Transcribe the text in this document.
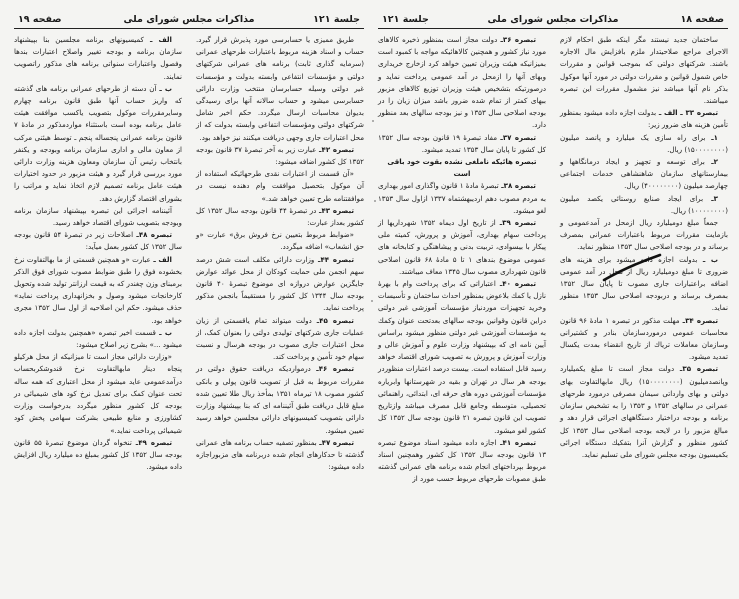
جلسة ۱۲۱
مذاکرات مجلس شورای ملی
صفحه ۱۹

طریق ممیزی یا حسابرسی مورد پذیرش قرار گیرد. حساب و اسناد هزینه مربوط باعتبارات طرحهای عمرانی (سرمایه گذاری ثابت) برنامه های عمرانی شرکتهای دولتی و مؤسسات انتفاعی وابسته بدولت و مؤسسات غیر دولتی وسیله حسابرسان منتخب وزارت دارائی حسابرسی میشود و حساب سالانه آنها برای رسیدگی بدیوان محاسبات ارسال میگردد. حکم اخیر شامل شرکتهای دولتی ومؤسسات انتفاعی وابسته بدولت که از محل اعتبارات جاری وجهی دریافت میکنند نیز خواهد بود.

تبصره ۴۲ـ عبارت زیر به آخر تبصرهٔ ۳۷ قانون بودجه ۱۳۵۲ کل کشور اضافه میشود:

«آن قسمت از اعتبارات نقدی طرحهائیکه استفاده از آن موکول بتحصیل موافقت وام دهنده نیست در موافقتنامه طرح تعیین خواهد شد.»

تبصره ۴۳ـ در تبصرهٔ ۴۴ قانون بودجه سال ۱۳۵۲ کل کشور بعداز عبارت:

«ضوابط مربوط بتعیین نرخ فروش برق» عبارت «و حق انشعاب» اضافه میگردد.

تبصره ۴۴ـ وزارت دارائی مکلف است شش درصد سهم انجمن ملی حمایت کودکان از محل عوائد عوارض جایگزین عوارض دروازه ای موضوع تبصرهٔ ۴۰ قانون بودجه سال ۱۳۴۴ کل کشور را مستقیماً بانجمن مذکور پرداخت نماید.

تبصره ۴۵ـ دولت میتواند تمام یاقسمتی از زیان عملیات جاری شرکتهای تولیدی دولتی را بعنوان کمک، از محل اعتبارات جاری مصوب در بودجه هرسال و نسبت سهام خود تأمین و پرداخت کند.

تبصره ۴۶ـ درمواردیکه دریافت حقوق دولتی در مقررات مربوط به قبل از تصویب قانون پولی و بانکی کشور مصوب ۱۸ تیرماه ۱۳۵۱ بمأخذ ریال طلا تعیین شده مبلغ قابل دریافت طبق آئیننامه ای که بنا بپیشنهاد وزارت دارائی بتصویب کمیسیونهای دارائی مجلسین خواهد رسید تعیین میشود.

تبصره ۴۷ـ بمنظور تصفیه حساب برنامه های عمرانی گذشته تا حدکارهای انجام شده دربرنامه های مزبوراجازه داده میشود:

الف ـ کمیسیونهای برنامه مجلسین بنا بپیشنهاد سازمان برنامه و بودجه تغییر واصلاح اعتبارات بندها وفصول واعتبارات سنواتی برنامه های مذکور راتصویب نمایند.

ب ـ آن دسته از طرحهای عمرانی برنامه های گذشته که واریز حساب آنها طبق قانون برنامه چهارم وسایرمقررات موکول بتصویب یاکسب موافقت هیئت عامل برنامه بوده است باستثناء مواردمذکور در مادهٔ ۷ قانون برنامه عمرانی پنجساله پنجم ـ توسط هیئتی مرکب از معاون مالی و اداری سازمان برنامه وبودجه و یکنفر بانتخاب رئیس آن سازمان ومعاون هزینه وزارت دارائی مورد بررسی قرار گیرد و هیئت مزبور در حدود اختیارات هیئت عامل برنامه تصمیم لازم اتخاذ نماید و مراتب را بشورای اقتصاد گزارش دهد.

آئیننامه اجرائی این تبصره بپیشنهاد سازمان برنامه وبودجه بتصویب شورای اقتصاد خواهد رسید.

تبصره ۴۸ـ اصلاحات زیر در تبصرهٔ ۵۴ قانون بودجه سال ۱۳۵۲ کل کشور بعمل میآید:

الف ـ عبارت «و همچنین قسمتی از ما بهالتفاوت نرخ بخشوده فوق را طبق ضوابط مصوب شورای فوق الذکر برمبنای وزن چغندر که به قیمت ارزانتر تولید شده وتحویل کارخانجات میشود وصول و بخزانهداری پرداخت نماید» حذف میشود. حکم این اصلاحیه از اول سال ۱۳۵۲ مجری خواهد بود.

ب ـ قسمت اخیر تبصره «همچنین بدولت اجازه داده میشود ...» بشرح زیر اصلاح میشود:

«وزارت دارائی مجاز است تا میزانیکه از محل هرکیلو پنجاه دینار مابهالتفاوت نرخ قندوشکربحساب درآمدعمومی عاید میشود از محل اعتباری که همه ساله تحت عنوان کمک برای تعدیل نرخ کود های شیمیائی در بودجه کل کشور منظور میگردد بدرخواست وزارت کشاورزی و منابع طبیعی بشرکت سهامی پخش کود شیمیائی پرداخت نماید.»

تبصره ۴۹ـ تنخواه گردان موضوع تبصرهٔ ۵۵ قانون بودجه سال ۱۳۵۲ کل کشور بمبلغ ده میلیارد ریال افزایش داده میشود.

صفحه ۱۸
مذاکرات مجلس شورای ملی
جلسة ۱۲۱

ساختمان جدید نیستند مگر اینکه طبق احکام لازم الاجرای مراجع صلاحیتدار ملزم بافزایش مال الاجاره باشند. شرکتهای دولتی که بموجب قوانین و مقررات خاص شمول قوانین و مقررات دولتی در مورد آنها موکول بذکر نام آنها میباشد نیز مشمول مقررات این تبصره میباشند.

تبصره ۳۳ ـ الف ـ بدولت اجازه داده میشود بمنظور تأمین هزینه های ضرور زیر:

۱ـ برای راه سازی یک میلیارد و پانصد میلیون (۱۵۰۰۰۰۰۰۰۰) ریال.

۲ـ برای توسعه و تجهیز و ایجاد درمانگاهها و بیمارستانهای سازمان شاهنشاهی خدمات اجتماعی چهارصد میلیون (۴۰۰۰۰۰۰۰۰) ریال.

۳ـ برای ایجاد صنایع روستائی یکصد میلیون (۱۰۰۰۰۰۰۰۰) ریال.

جمعاً مبلغ دومیلیارد ریال ازمحل در آمدعمومی و بازمایت مقررات مربوط باعتبارات عمرانی بمصرف برساند و در بودجه اصلاحی سال ۱۳۵۳ منظور نماید.

ب ـ بدولت اجازه داده میشود برای هزینه های ضروری تا مبلغ دومیلیارد ریال از محل در آمد عمومی اضافه براعتبارات جاری مصوب تا پایان سال ۱۳۵۲ بمصرف برساند و دربودجه اصلاحی سال ۱۳۵۳ منظور نماید.

تبصره ۳۴ـ مهلت مذکور در تبصره ۱ مادهٔ ۹۶ قانون محاسبات عمومی درموردسازمان بنادر و کشتیرانی وسازمان معاملات تریاك از تاریخ انقضاء بمدت یکسال تمدید میشود.

تبصره ۳۵ـ دولت مجاز است تا مبلغ یکمیلیارد وپانصدمیلیون (۱۵۰۰۰۰۰۰۰۰) ریال مابهالتفاوت بهای دولتی و بهای وارداتی سیمان مصرفی درمورد طرحهای عمرانی در سالهای ۱۳۵۲ و ۱۳۵۳ را به تشخیص سازمان برنامه و بودجه دراختیار دستگاههای اجرائی قرار دهد و مبالغ مزبور را در لایحه بودجه اصلاحی سال ۱۳۵۳ کل کشور منظور و گزارش آنرا بتفکیك دستگاه اجرائی بکمیسیون بودجه مجلس شورای ملی تسلیم نماید.

تبصره ۳۶ـ دولت مجاز است بمنظور ذخیره کالاهای مورد نیاز کشور و همچنین کالاهائیکه مواجه با کمبود است بمیزانیکه هیئت وزیران تعیین خواهد کرد ازخارج خریداری وبهای آنها را ازمحل در آمد عمومی پرداخت نماید و درصورتیکه بتشخیص هیئت وزیران توزیع کالاهای مزبور ببهای کمتر از تمام شده ضرور باشد میزان زیان را در بودجه اصلاحی سال ۱۳۵۳ و نیز بودجه سالهای بعد منظور دارد.

تبصره ۳۷ـ مفاد تبصرهٔ ۱۹ قانون بودجه سال ۱۳۵۲ کل کشور تا پایان سال ۱۳۵۳ تمدید میشود.

تبصره هائیکه ناملغی نشده بقوت خود باقی است

تبصره ۳۸ـ تبصرهٔ مادهٔ ۱ قانون واگذاری امور بهداری به مردم مصوب دهم اردیبهشتماه ۱۳۳۷ ازاول سال ۱۳۵۳ لغو میشود.

تبصره ۳۹ـ از تاریخ اول دیماه ۱۳۵۲ شهرداریها از پرداخت سهام بهداری، آموزش و پرورش، کمیته ملی پیکار با بیسوادی، تربیت بدنی و پیشاهنگی و کتابخانه های عمومی موضوع بندهای ۱ تا ۵ مادهٔ ۶۸ قانون اصلاحی قانون شهرداری مصوب سال ۱۳۴۵ معاف میباشند.

تبصره ۴۰ـ اعتباراتی که برای پرداخت وام با بهرهٔ نازل یا کمك بلاعوض بمنظور احداث ساختمان و تأسیسات وخرید تجهیزات موردنیاز مؤسسات آموزشی غیر دولتی دراین قانون وقوانین بودجه سالهای بعدتحت عنوان وکمك به مؤسسات آموزشی غیر دولتی منظور میشود براساس آیین نامه ای که بپیشنهاد وزارت علوم و آموزش عالی و وزارت آموزش و پرورش به تصویب شورای اقتصاد خواهد رسید قابل استفاده است. بیست درصد اعتبارات منظوردر بودجه هر سال در تهران و بقیه در شهرستانها وابریاره مؤسسات آموزشی دوره های حرفه ای، ابتدائی، راهنمائی تحصیلی، متوسطه وجامع قابل مصرف میباشد وازتاریخ تصویب این قانون تبصره ۲۱ قانون بودجه سال ۱۳۵۲ کل کشور لغو میشود.

تبصره ۴۱ـ اجازه داده میشود اسناد موضوع تبصره ۱۳ قانون بودجه سال ۱۳۵۲ کل کشور وهمچنین اسناد مربوط بپرداختهای انجام شده برنامه های عمرانی گذشته طبق مصوبات طرحهای مربوط حسب مورد از
